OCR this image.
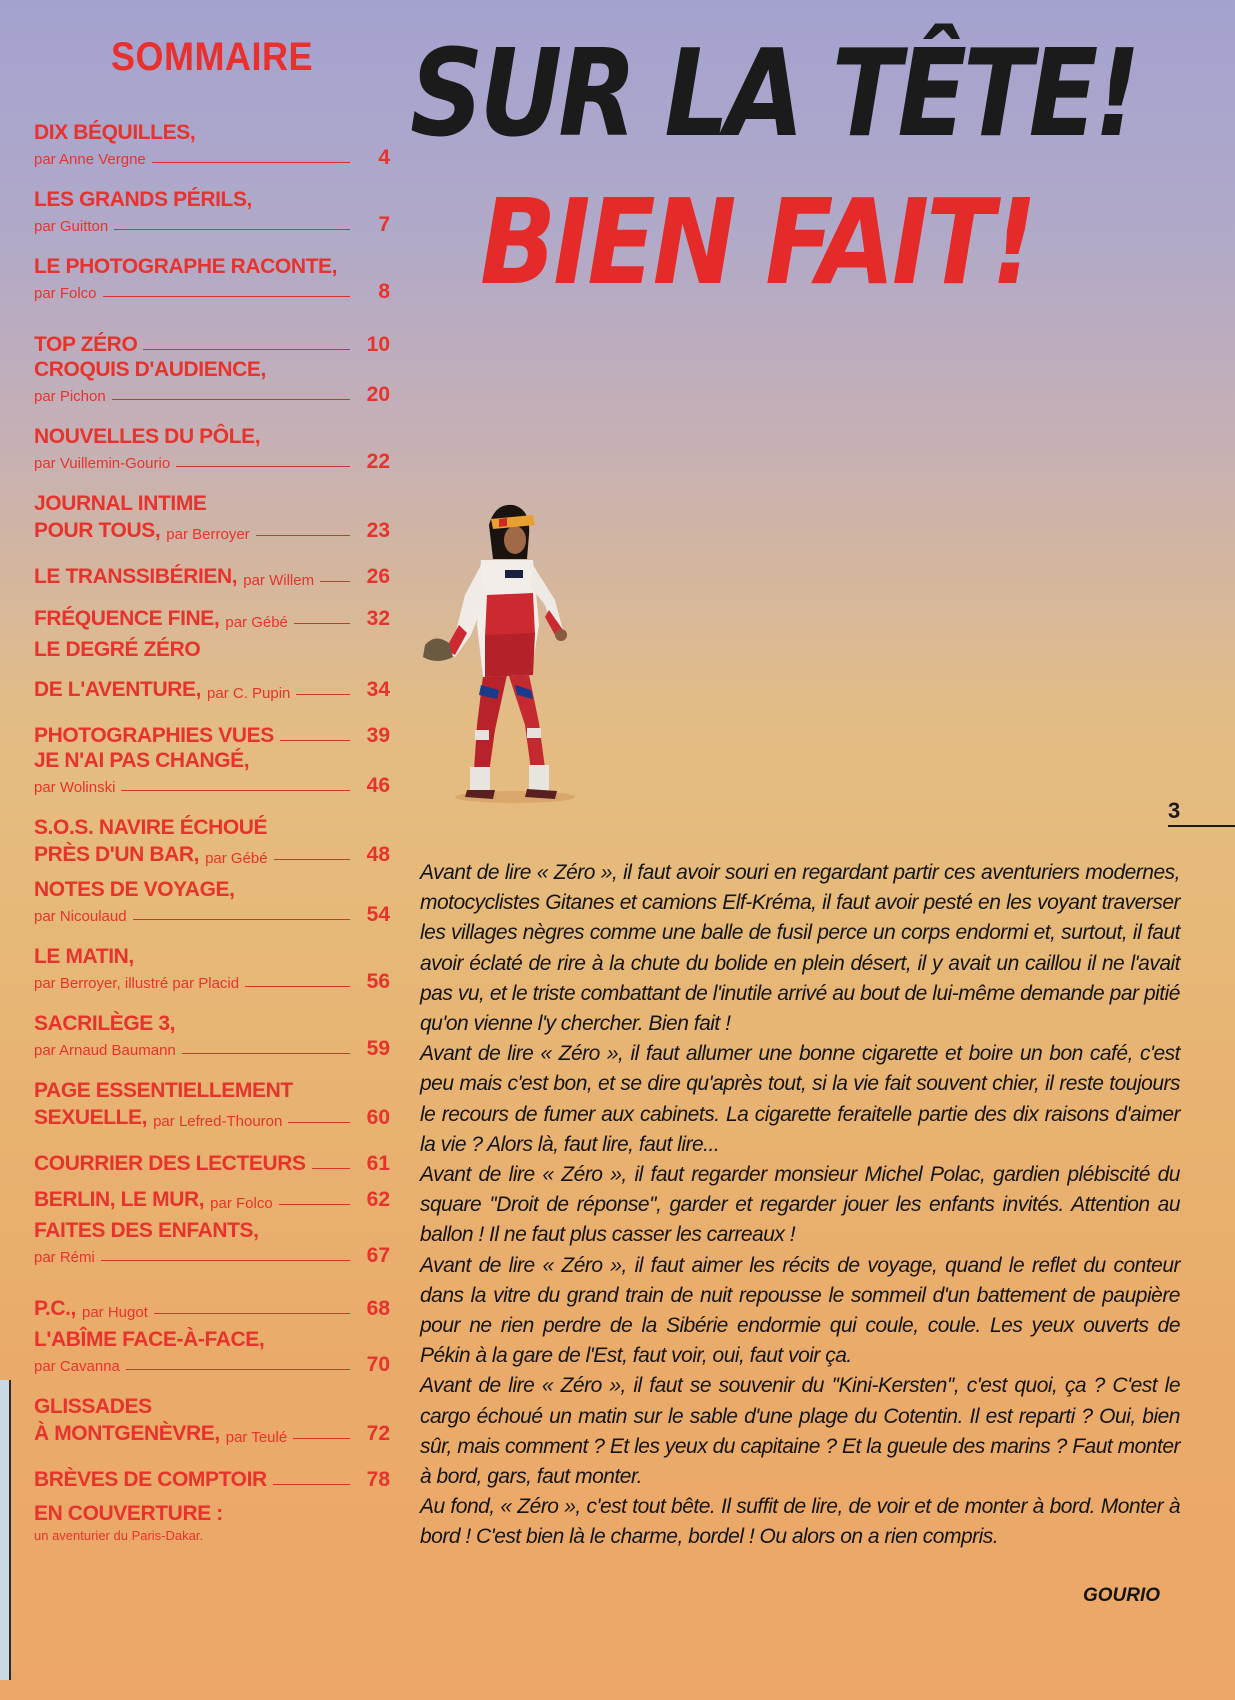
SOMMAIRE
DIX BÉQUILLES,
par Anne Vergne	4
LES GRANDS PÉRILS,
par Guitton	7
LE PHOTOGRAPHE RACONTE,
par Folco	8
TOP ZÉRO	10
CROQUIS D'AUDIENCE,
par Pichon	20
NOUVELLES DU PÔLE,
par Vuillemin-Gourio	22
JOURNAL INTIME
POUR TOUS, par Berroyer	23
LE TRANSSIBÉRIEN, par Willem	26
FRÉQUENCE FINE, par Gébé	32
LE DEGRÉ ZÉRO
DE L'AVENTURE, par C. Pupin	34
PHOTOGRAPHIES VUES	39
JE N'AI PAS CHANGÉ,
par Wolinski	46
S.O.S. NAVIRE ÉCHOUÉ
PRÈS D'UN BAR, par Gébé	48
NOTES DE VOYAGE,
par Nicoulaud	54
LE MATIN,
par Berroyer, illustré par Placid	56
SACRILÈGE 3,
par Arnaud Baumann	59
PAGE ESSENTIELLEMENT
SEXUELLE, par Lefred-Thouron	60
COURRIER DES LECTEURS	61
BERLIN, LE MUR, par Folco	62
FAITES DES ENFANTS,
par Rémi	67
P.C., par Hugot	68
L'ABÎME FACE-À-FACE,
par Cavanna	70
GLISSADES
À MONTGENÈVRE, par Teulé	72
BRÈVES DE COMPTOIR	78
EN COUVERTURE :
un aventurier du Paris-Dakar.
SUR LA TÊTE!
BIEN FAIT!
3

Avant de lire « Zéro », il faut avoir souri en regardant partir ces aventuriers modernes, motocyclistes Gitanes et camions Elf-Kréma, il faut avoir pesté en les voyant traverser les villages nègres comme une balle de fusil perce un corps endormi et, surtout, il faut avoir éclaté de rire à la chute du bolide en plein désert, il y avait un caillou il ne l'avait pas vu, et le triste combattant de l'inutile arrivé au bout de lui-même demande par pitié qu'on vienne l'y chercher. Bien fait !

Avant de lire « Zéro », il faut allumer une bonne cigarette et boire un bon café, c'est peu mais c'est bon, et se dire qu'après tout, si la vie fait souvent chier, il reste toujours le recours de fumer aux cabinets. La cigarette feraitelle partie des dix raisons d'aimer la vie ? Alors là, faut lire, faut lire...

Avant de lire « Zéro », il faut regarder monsieur Michel Polac, gardien plébiscité du square ''Droit de réponse'', garder et regarder jouer les enfants invités. Attention au ballon ! Il ne faut plus casser les carreaux !

Avant de lire « Zéro », il faut aimer les récits de voyage, quand le reflet du conteur dans la vitre du grand train de nuit repousse le sommeil d'un battement de paupière pour ne rien perdre de la Sibérie endormie qui coule, coule. Les yeux ouverts de Pékin à la gare de l'Est, faut voir, oui, faut voir ça.

Avant de lire « Zéro », il faut se souvenir du ''Kini-Kersten'', c'est quoi, ça ? C'est le cargo échoué un matin sur le sable d'une plage du Cotentin. Il est reparti ? Oui, bien sûr, mais comment ? Et les yeux du capitaine ? Et la gueule des marins ? Faut monter à bord, gars, faut monter.

Au fond, « Zéro », c'est tout bête. Il suffit de lire, de voir et de monter à bord. Monter à bord ! C'est bien là le charme, bordel ! Ou alors on a rien compris.

GOURIO
